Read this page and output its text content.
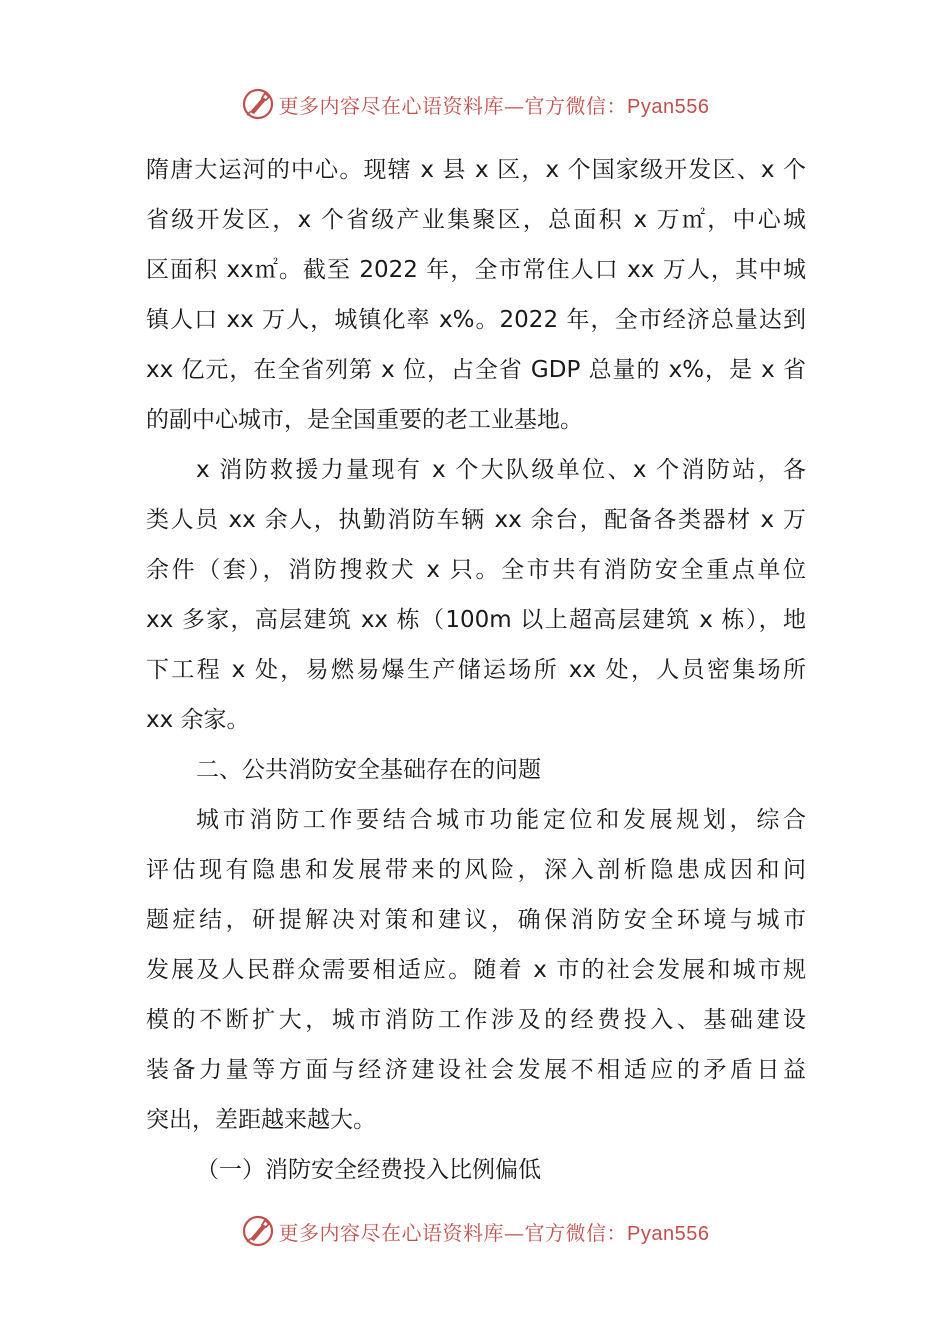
更多内容尽在心语资料库—官方微信：Pyan556
隋唐大运河的中心。现辖 x 县 x 区，x 个国家级开发区、x 个
省级开发区，x 个省级产业集聚区，总面积 x 万㎡，中心城
区面积 xx㎡。截至 2022 年，全市常住人口 xx 万人，其中城
镇人口 xx 万人，城镇化率 x%。2022 年，全市经济总量达到
xx 亿元，在全省列第 x 位，占全省 GDP 总量的 x%，是 x 省
的副中心城市，是全国重要的老工业基地。
x 消防救援力量现有 x 个大队级单位、x 个消防站，各
类人员 xx 余人，执勤消防车辆 xx 余台，配备各类器材 x 万
余件（套），消防搜救犬 x 只。全市共有消防安全重点单位
xx 多家，高层建筑 xx 栋（100m 以上超高层建筑 x 栋），地
下工程 x 处，易燃易爆生产储运场所 xx 处，人员密集场所
xx 余家。
二、公共消防安全基础存在的问题
城市消防工作要结合城市功能定位和发展规划，综合
评估现有隐患和发展带来的风险，深入剖析隐患成因和问
题症结，研提解决对策和建议，确保消防安全环境与城市
发展及人民群众需要相适应。随着 x 市的社会发展和城市规
模的不断扩大，城市消防工作涉及的经费投入、基础建设
装备力量等方面与经济建设社会发展不相适应的矛盾日益
突出，差距越来越大。
（一）消防安全经费投入比例偏低
更多内容尽在心语资料库—官方微信：Pyan556
